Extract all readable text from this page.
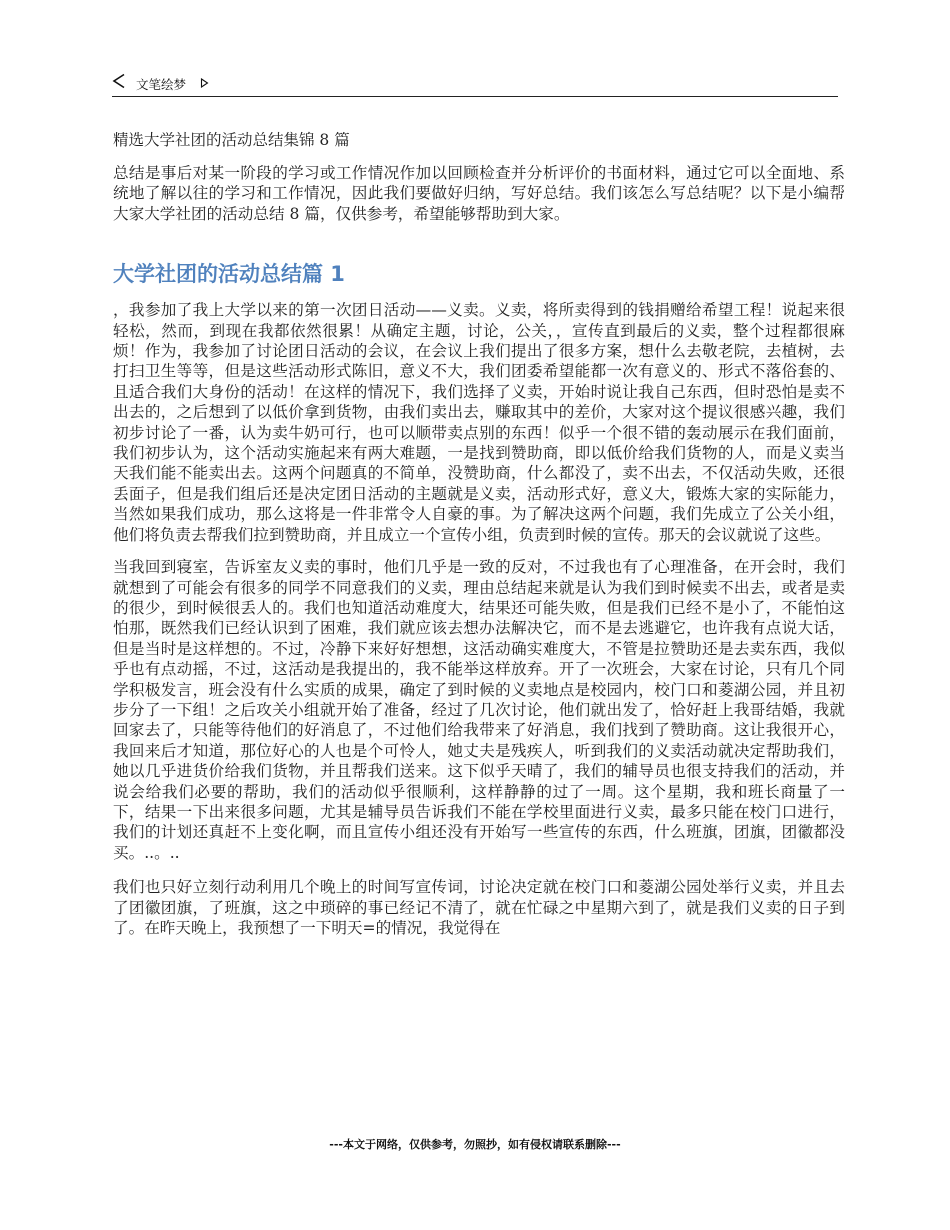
文笔绘梦

精选大学社团的活动总结集锦 8 篇

总结是事后对某一阶段的学习或工作情况作加以回顾检查并分析评价的书面材料，通过它可以全面地、系统地了解以往的学习和工作情况，因此我们要做好归纳，写好总结。我们该怎么写总结呢？以下是小编帮大家大学社团的活动总结 8 篇，仅供参考，希望能够帮助到大家。

大学社团的活动总结篇 1

，我参加了我上大学以来的第一次团日活动——义卖。义卖，将所卖得到的钱捐赠给希望工程！说起来很轻松，然而，到现在我都依然很累！从确定主题，讨论，公关，，宣传直到最后的义卖，整个过程都很麻烦！作为，我参加了讨论团日活动的会议，在会议上我们提出了很多方案，想什么去敬老院，去植树，去打扫卫生等等，但是这些活动形式陈旧，意义不大，我们团委希望能都一次有意义的、形式不落俗套的、且适合我们大身份的活动！在这样的情况下，我们选择了义卖，开始时说让我自己东西，但时恐怕是卖不出去的，之后想到了以低价拿到货物，由我们卖出去，赚取其中的差价，大家对这个提议很感兴趣，我们初步讨论了一番，认为卖牛奶可行，也可以顺带卖点别的东西！似乎一个很不错的轰动展示在我们面前，我们初步认为，这个活动实施起来有两大难题，一是找到赞助商，即以低价给我们货物的人，而是义卖当天我们能不能卖出去。这两个问题真的不简单，没赞助商，什么都没了，卖不出去，不仅活动失败，还很丢面子，但是我们组后还是决定团日活动的主题就是义卖，活动形式好，意义大，锻炼大家的实际能力，当然如果我们成功，那么这将是一件非常令人自豪的事。为了解决这两个问题，我们先成立了公关小组，他们将负责去帮我们拉到赞助商，并且成立一个宣传小组，负责到时候的宣传。那天的会议就说了这些。

当我回到寝室，告诉室友义卖的事时，他们几乎是一致的反对，不过我也有了心理准备，在开会时，我们就想到了可能会有很多的同学不同意我们的义卖，理由总结起来就是认为我们到时候卖不出去，或者是卖的很少，到时候很丢人的。我们也知道活动难度大，结果还可能失败，但是我们已经不是小了，不能怕这怕那，既然我们已经认识到了困难，我们就应该去想办法解决它，而不是去逃避它，也许我有点说大话，但是当时是这样想的。不过，冷静下来好好想想，这活动确实难度大，不管是拉赞助还是去卖东西，我似乎也有点动摇，不过，这活动是我提出的，我不能举这样放弃。开了一次班会，大家在讨论，只有几个同学积极发言，班会没有什么实质的成果，确定了到时候的义卖地点是校园内，校门口和菱湖公园，并且初步分了一下组！之后攻关小组就开始了准备，经过了几次讨论，他们就出发了，恰好赶上我哥结婚，我就回家去了，只能等待他们的好消息了，不过他们给我带来了好消息，我们找到了赞助商。这让我很开心，我回来后才知道，那位好心的人也是个可怜人，她丈夫是残疾人，听到我们的义卖活动就决定帮助我们，她以几乎进货价给我们货物，并且帮我们送来。这下似乎天晴了，我们的辅导员也很支持我们的活动，并说会给我们必要的帮助，我们的活动似乎很顺利，这样静静的过了一周。这个星期，我和班长商量了一下，结果一下出来很多问题，尤其是辅导员告诉我们不能在学校里面进行义卖，最多只能在校门口进行，我们的计划还真赶不上变化啊，而且宣传小组还没有开始写一些宣传的东西，什么班旗，团旗，团徽都没买。..。..

我们也只好立刻行动利用几个晚上的时间写宣传词，讨论决定就在校门口和菱湖公园处举行义卖，并且去了团徽团旗，了班旗，这之中琐碎的事已经记不清了，就在忙碌之中星期六到了，就是我们义卖的日子到了。在昨天晚上，我预想了一下明天=的情况，我觉得在

---本文于网络，仅供参考，勿照抄，如有侵权请联系删除---
